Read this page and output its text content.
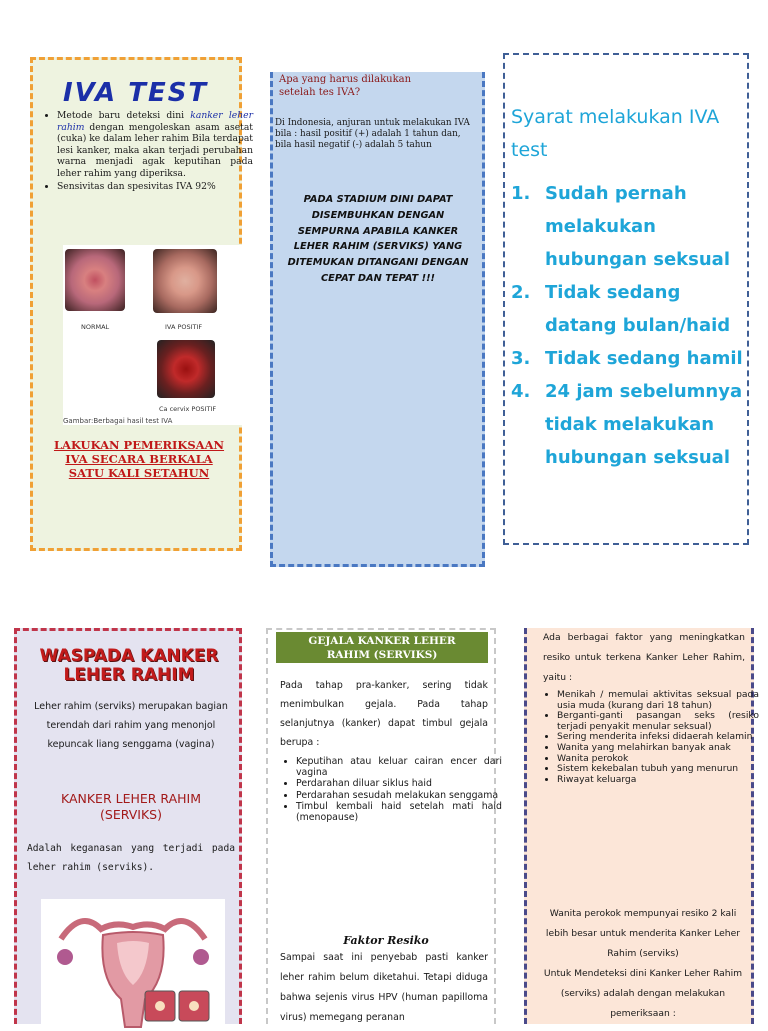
IVA TEST
• Metode baru deteksi dini kanker leher rahim dengan mengoleskan asam asetat (cuka) ke dalam leher rahim Bila terdapat lesi kanker, maka akan terjadi perubahan warna menjadi agak keputihan pada leher rahim yang diperiksa.
• Sensivitas dan spesivitas IVA 92%
NORMAL	IVA POSITIF
Ca cervix POSITIF
Gambar:Berbagai hasil test IVA
LAKUKAN PEMERIKSAAN
IVA SECARA BERKALA
SATU KALI SETAHUN
Apa yang harus dilakukan setelah tes IVA?
Di Indonesia, anjuran untuk melakukan IVA bila : hasil positif (+) adalah 1 tahun dan, bila hasil negatif (-) adalah 5 tahun
PADA STADIUM DINI DAPAT DISEMBUHKAN DENGAN SEMPURNA APABILA KANKER LEHER RAHIM (SERVIKS) YANG DITEMUKAN DITANGANI DENGAN CEPAT DAN TEPAT !!!
Syarat melakukan IVA test
1. Sudah pernah melakukan hubungan seksual
2. Tidak sedang datang bulan/haid
3. Tidak sedang hamil
4. 24 jam sebelumnya tidak melakukan hubungan seksual
WASPADA KANKER
LEHER RAHIM
Leher rahim (serviks) merupakan bagian terendah dari rahim yang menonjol kepuncak liang senggama (vagina)
KANKER LEHER RAHIM
(SERVIKS)
Adalah keganasan yang terjadi pada leher rahim (serviks).
GEJALA KANKER LEHER
RAHIM (SERVIKS)
Pada tahap pra-kanker, sering tidak menimbulkan gejala. Pada tahap selanjutnya (kanker) dapat timbul gejala berupa :
• Keputihan atau keluar cairan encer dari vagina
• Perdarahan diluar siklus haid
• Perdarahan sesudah melakukan senggama
• Timbul kembali haid setelah mati haid (menopause)
Faktor Resiko
Sampai saat ini penyebab pasti kanker leher rahim belum diketahui. Tetapi diduga bahwa sejenis virus HPV (human papilloma virus) memegang peranan
Ada berbagai faktor yang meningkatkan resiko untuk terkena Kanker Leher Rahim, yaitu :
• Menikah / memulai aktivitas seksual pada usia muda (kurang dari 18 tahun)
• Berganti-ganti pasangan seks (resiko terjadi penyakit menular seksual)
• Sering menderita infeksi didaerah kelamin
• Wanita yang melahirkan banyak anak
• Wanita perokok
• Sistem kekebalan tubuh yang menurun
• Riwayat keluarga
Wanita perokok mempunyai resiko 2 kali lebih besar untuk menderita Kanker Leher Rahim (serviks)
Untuk Mendeteksi dini Kanker Leher Rahim (serviks) adalah dengan melakukan pemeriksaan :
